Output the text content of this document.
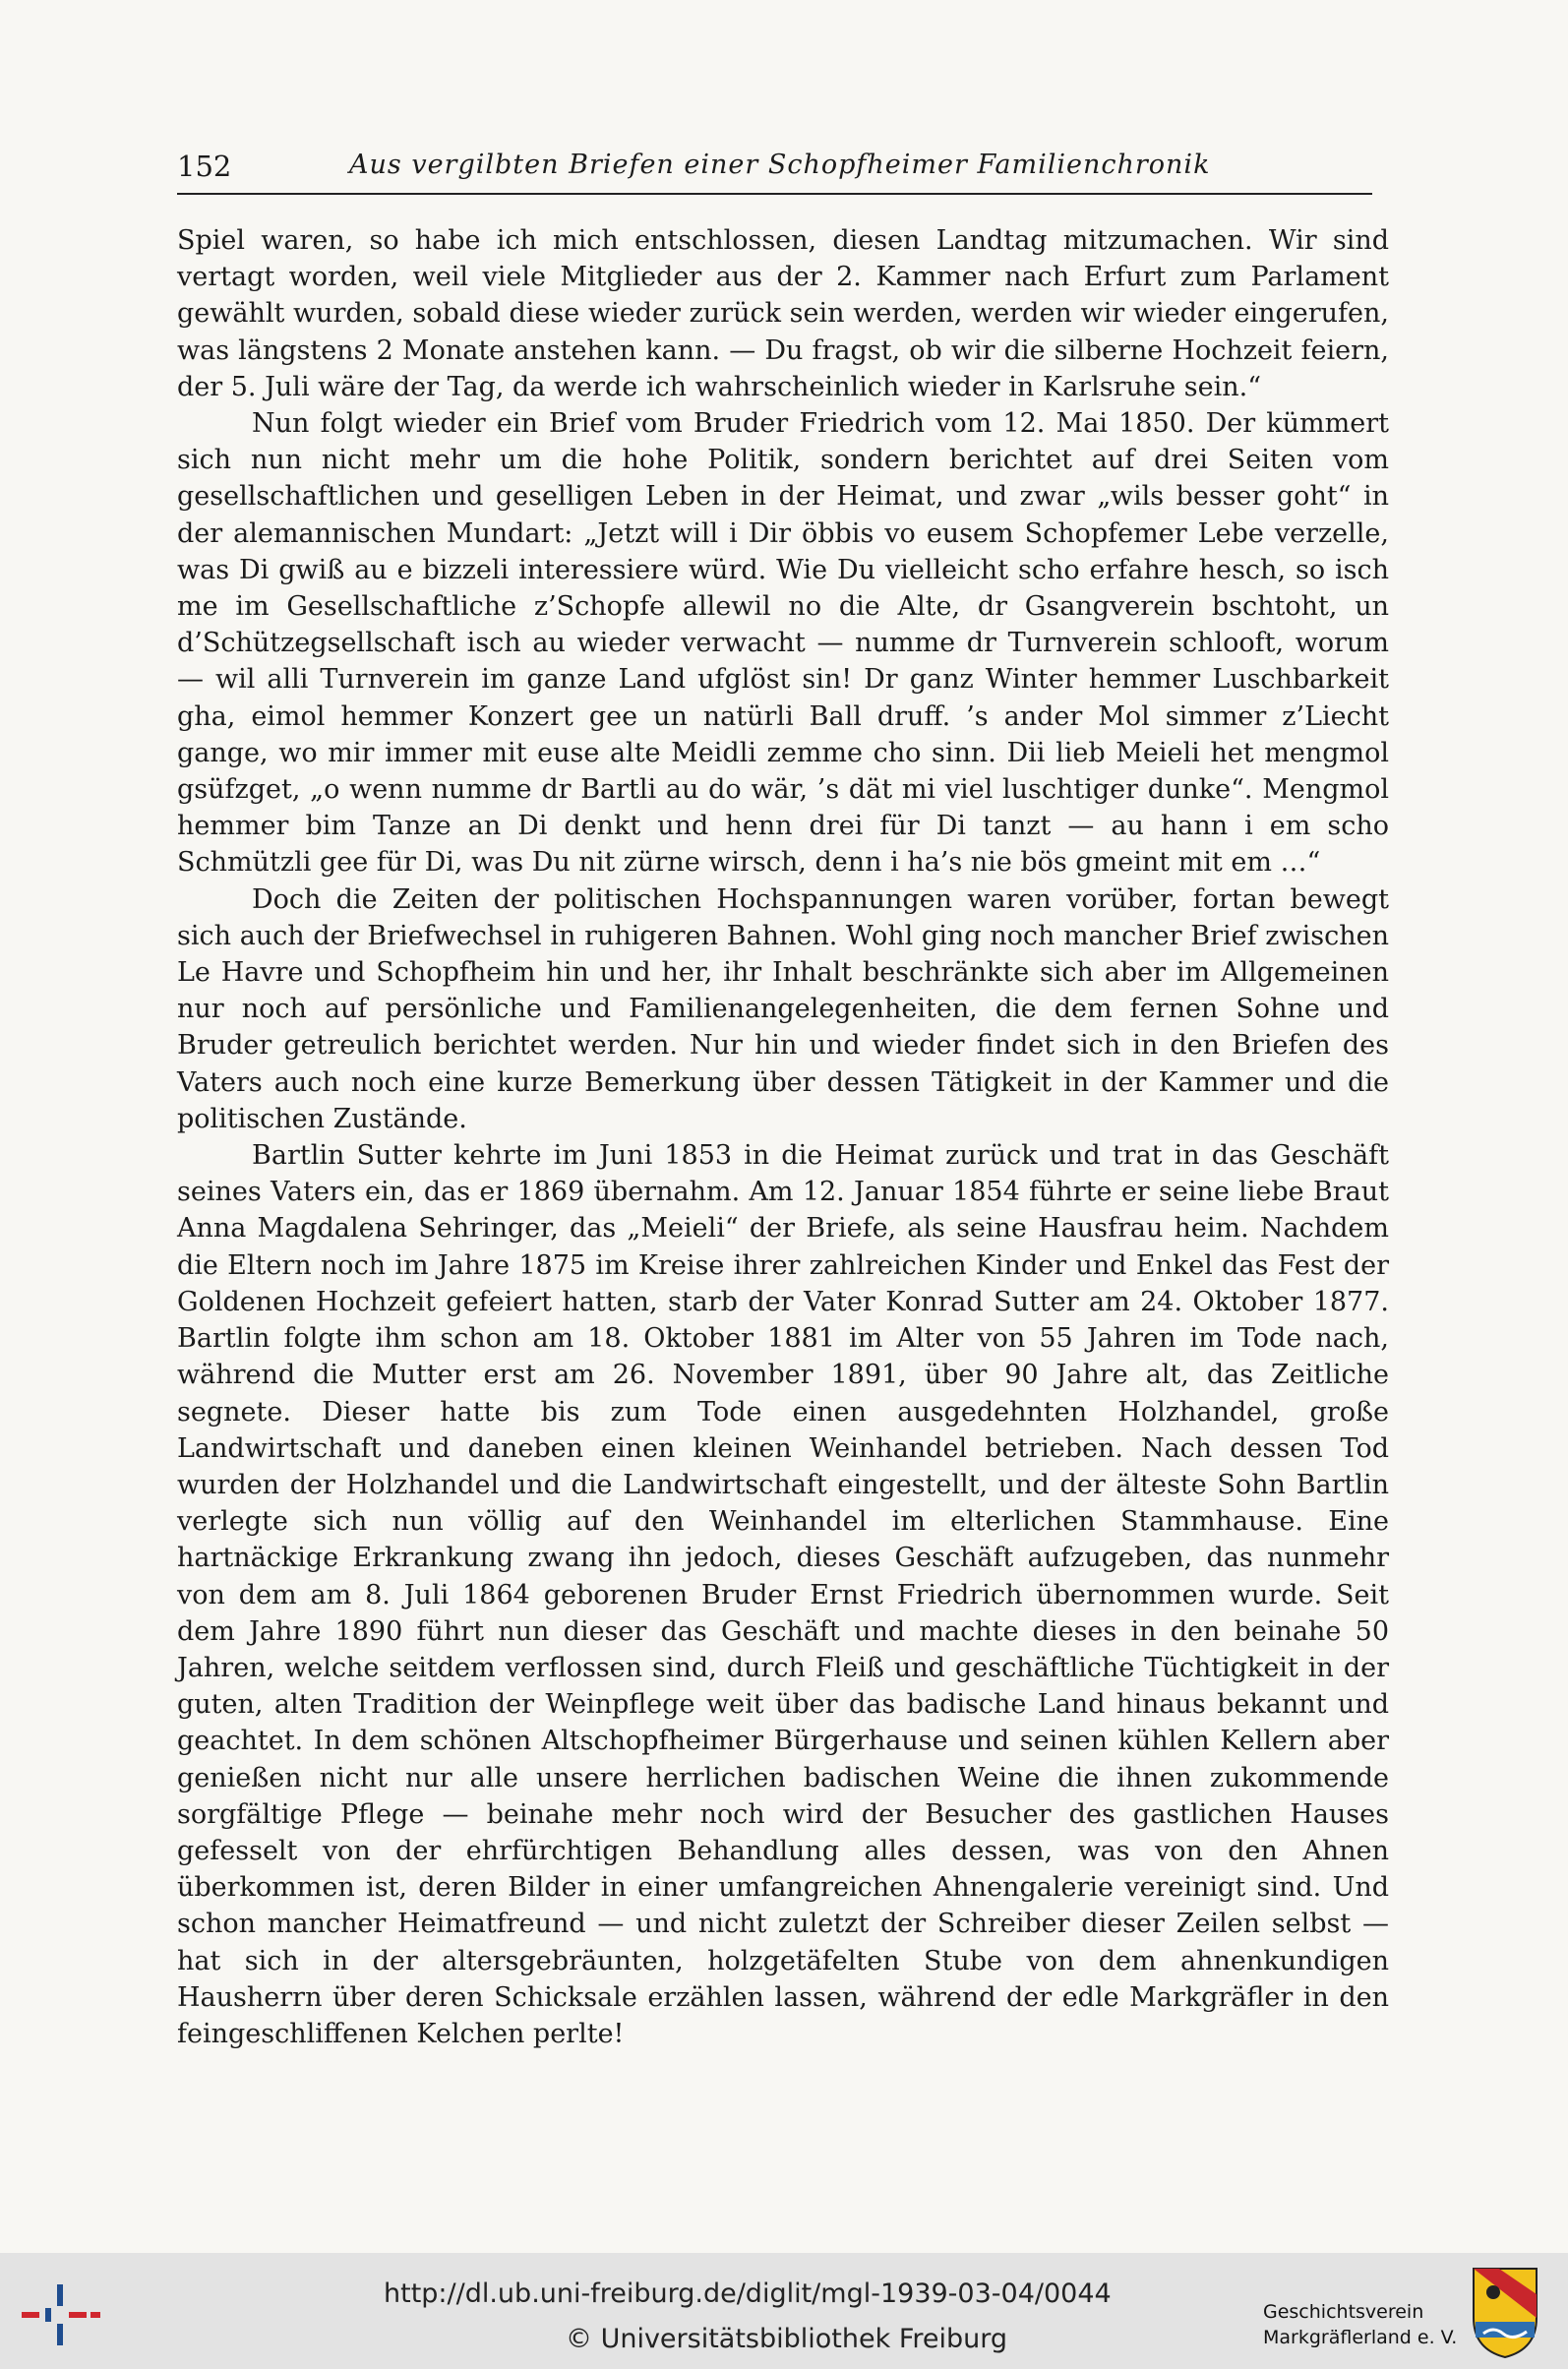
152	Aus vergilbten Briefen einer Schopfheimer Familienchronik

Spiel waren, so habe ich mich entschlossen, diesen Landtag mitzumachen. Wir sind vertagt worden, weil viele Mitglieder aus der 2. Kammer nach Erfurt zum Parlament gewählt wurden, sobald diese wieder zurück sein werden, werden wir wieder eingerufen, was längstens 2 Monate anstehen kann. — Du fragst, ob wir die silberne Hochzeit feiern, der 5. Juli wäre der Tag, da werde ich wahrscheinlich wieder in Karlsruhe sein.“

Nun folgt wieder ein Brief vom Bruder Friedrich vom 12. Mai 1850. Der kümmert sich nun nicht mehr um die hohe Politik, sondern berichtet auf drei Seiten vom gesellschaftlichen und geselligen Leben in der Heimat, und zwar „wils besser goht“ in der alemannischen Mundart: „Jetzt will i Dir öbbis vo eusem Schopfemer Lebe verzelle, was Di gwiß au e bizzeli interessiere würd. Wie Du vielleicht scho erfahre hesch, so isch me im Gesellschaftliche z’Schopfe allewil no die Alte, dr Gsangverein bschtoht, un d’Schützegsellschaft isch au wieder verwacht — numme dr Turnverein schlooft, worum — wil alli Turnverein im ganze Land ufglöst sin! Dr ganz Winter hemmer Luschbarkeit gha, eimol hemmer Konzert gee un natürli Ball druff. ’s ander Mol simmer z’Liecht gange, wo mir immer mit euse alte Meidli zemme cho sinn. Dii lieb Meieli het mengmol gsüfzget, „o wenn numme dr Bartli au do wär, ’s dät mi viel luschtiger dunke“. Mengmol hemmer bim Tanze an Di denkt und henn drei für Di tanzt — au hann i em scho Schmützli gee für Di, was Du nit zürne wirsch, denn i ha’s nie bös gmeint mit em …“

Doch die Zeiten der politischen Hochspannungen waren vorüber, fortan bewegt sich auch der Briefwechsel in ruhigeren Bahnen. Wohl ging noch mancher Brief zwischen Le Havre und Schopfheim hin und her, ihr Inhalt beschränkte sich aber im Allgemeinen nur noch auf persönliche und Familienangelegenheiten, die dem fernen Sohne und Bruder getreulich berichtet werden. Nur hin und wieder findet sich in den Briefen des Vaters auch noch eine kurze Bemerkung über dessen Tätigkeit in der Kammer und die politischen Zustände.

Bartlin Sutter kehrte im Juni 1853 in die Heimat zurück und trat in das Geschäft seines Vaters ein, das er 1869 übernahm. Am 12. Januar 1854 führte er seine liebe Braut Anna Magdalena Sehringer, das „Meieli“ der Briefe, als seine Hausfrau heim. Nachdem die Eltern noch im Jahre 1875 im Kreise ihrer zahlreichen Kinder und Enkel das Fest der Goldenen Hochzeit gefeiert hatten, starb der Vater Konrad Sutter am 24. Oktober 1877. Bartlin folgte ihm schon am 18. Oktober 1881 im Alter von 55 Jahren im Tode nach, während die Mutter erst am 26. November 1891, über 90 Jahre alt, das Zeitliche segnete. Dieser hatte bis zum Tode einen ausgedehnten Holzhandel, große Landwirtschaft und daneben einen kleinen Weinhandel betrieben. Nach dessen Tod wurden der Holzhandel und die Landwirtschaft eingestellt, und der älteste Sohn Bartlin verlegte sich nun völlig auf den Weinhandel im elterlichen Stammhause. Eine hartnäckige Erkrankung zwang ihn jedoch, dieses Geschäft aufzugeben, das nunmehr von dem am 8. Juli 1864 geborenen Bruder Ernst Friedrich übernommen wurde. Seit dem Jahre 1890 führt nun dieser das Geschäft und machte dieses in den beinahe 50 Jahren, welche seitdem verflossen sind, durch Fleiß und geschäftliche Tüchtigkeit in der guten, alten Tradition der Weinpflege weit über das badische Land hinaus bekannt und geachtet. In dem schönen Altschopfheimer Bürgerhause und seinen kühlen Kellern aber genießen nicht nur alle unsere herrlichen badischen Weine die ihnen zukommende sorgfältige Pflege — beinahe mehr noch wird der Besucher des gastlichen Hauses gefesselt von der ehrfürchtigen Behandlung alles dessen, was von den Ahnen überkommen ist, deren Bilder in einer umfangreichen Ahnengalerie vereinigt sind. Und schon mancher Heimatfreund — und nicht zuletzt der Schreiber dieser Zeilen selbst — hat sich in der altersgebräunten, holzgetäfelten Stube von dem ahnenkundigen Hausherrn über deren Schicksale erzählen lassen, während der edle Markgräfler in den feingeschliffenen Kelchen perlte!

http://dl.ub.uni-freiburg.de/diglit/mgl-1939-03-04/0044
© Universitätsbibliothek Freiburg
Geschichtsverein
Markgräflerland e. V.
